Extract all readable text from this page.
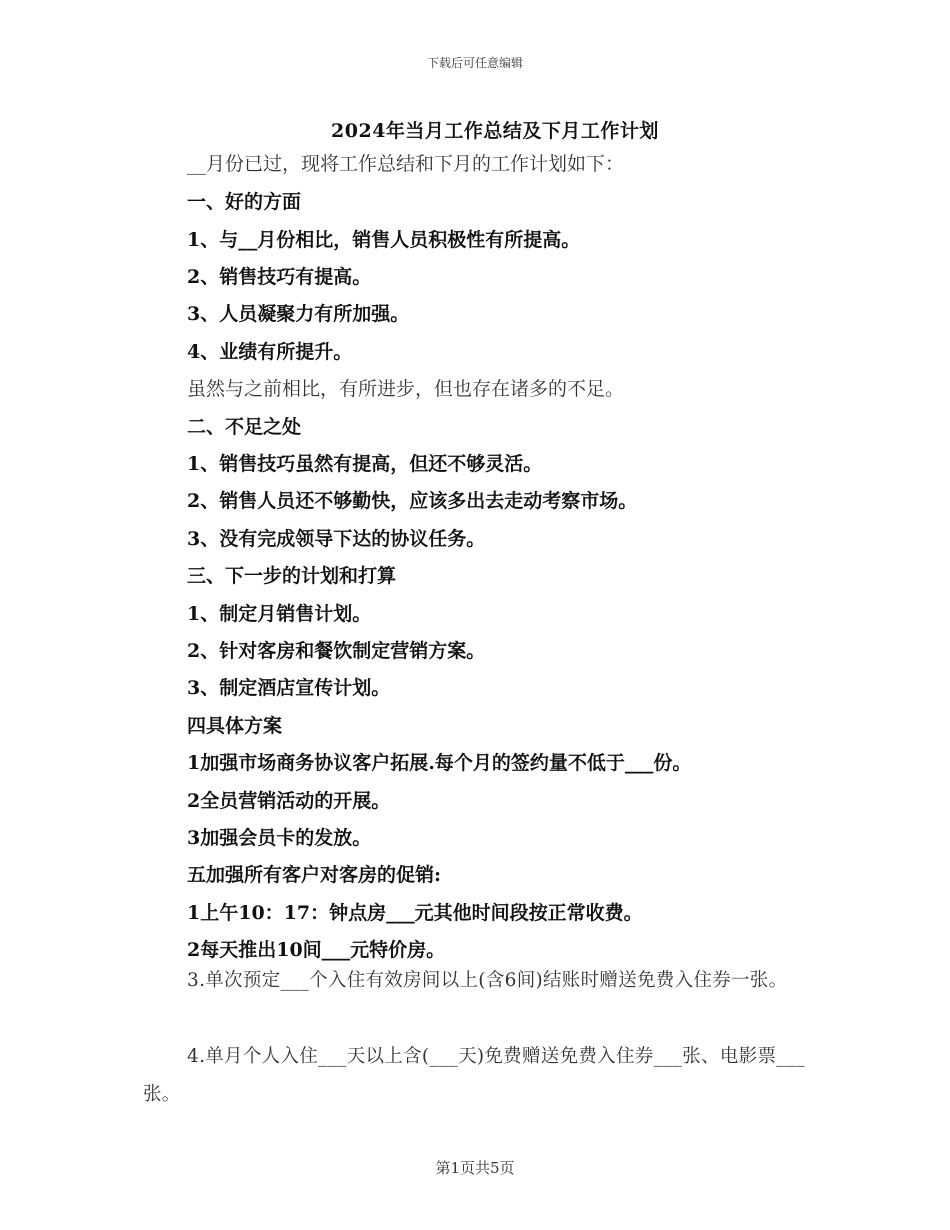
下载后可任意编辑
2024年当月工作总结及下月工作计划
__月份已过，现将工作总结和下月的工作计划如下：
一、好的方面
1、与__月份相比，销售人员积极性有所提高。
2、销售技巧有提高。
3、人员凝聚力有所加强。
4、业绩有所提升。
虽然与之前相比，有所进步，但也存在诸多的不足。
二、不足之处
1、销售技巧虽然有提高，但还不够灵活。
2、销售人员还不够勤快，应该多出去走动考察市场。
3、没有完成领导下达的协议任务。
三、下一步的计划和打算
1、制定月销售计划。
2、针对客房和餐饮制定营销方案。
3、制定酒店宣传计划。
四具体方案
1加强市场商务协议客户拓展.每个月的签约量不低于___份。
2全员营销活动的开展。
3加强会员卡的发放。
五加强所有客户对客房的促销:
1上午10：17：钟点房___元其他时间段按正常收费。
2每天推出10间___元特价房。
3.单次预定___个入住有效房间以上(含6间)结账时赠送免费入住券一张。
4.单月个人入住___天以上含(___天)免费赠送免费入住券___张、电影票___张。
第1页共5页
